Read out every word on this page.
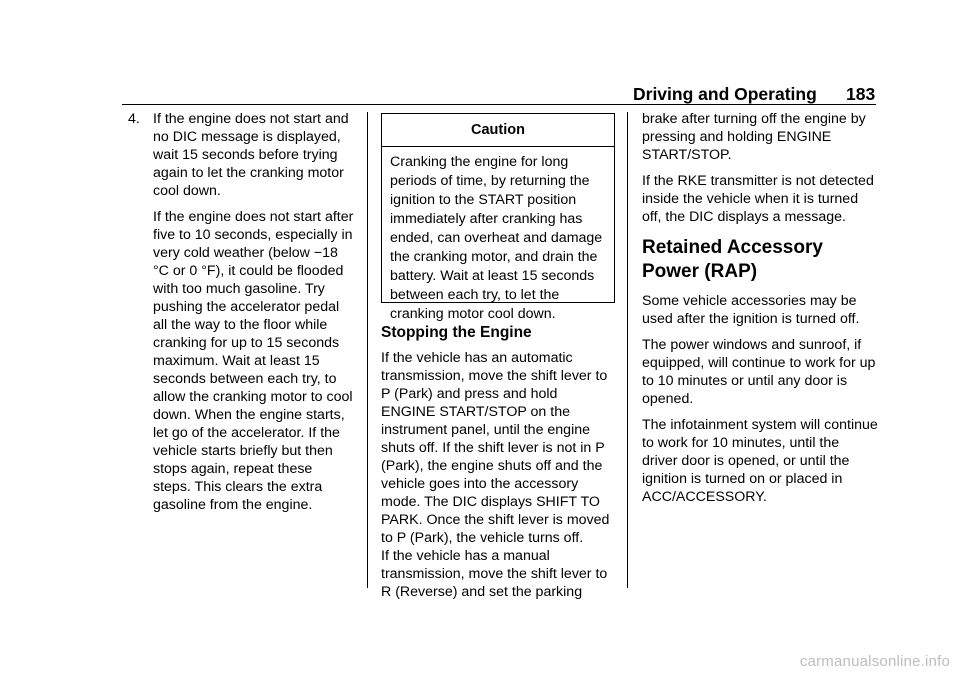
Driving and Operating 183
4. If the engine does not start and no DIC message is displayed, wait 15 seconds before trying again to let the cranking motor cool down.

If the engine does not start after five to 10 seconds, especially in very cold weather (below −18 °C or 0 °F), it could be flooded with too much gasoline. Try pushing the accelerator pedal all the way to the floor while cranking for up to 15 seconds maximum. Wait at least 15 seconds between each try, to allow the cranking motor to cool down. When the engine starts, let go of the accelerator. If the vehicle starts briefly but then stops again, repeat these steps. This clears the extra gasoline from the engine.

Caution
Cranking the engine for long periods of time, by returning the ignition to the START position immediately after cranking has ended, can overheat and damage the cranking motor, and drain the battery. Wait at least 15 seconds between each try, to let the cranking motor cool down.
Stopping the Engine

If the vehicle has an automatic transmission, move the shift lever to P (Park) and press and hold ENGINE START/STOP on the instrument panel, until the engine shuts off. If the shift lever is not in P (Park), the engine shuts off and the vehicle goes into the accessory mode. The DIC displays SHIFT TO PARK. Once the shift lever is moved to P (Park), the vehicle turns off.

If the vehicle has a manual transmission, move the shift lever to R (Reverse) and set the parking

brake after turning off the engine by pressing and holding ENGINE START/STOP.

If the RKE transmitter is not detected inside the vehicle when it is turned off, the DIC displays a message.

Retained Accessory
Power (RAP)

Some vehicle accessories may be used after the ignition is turned off.

The power windows and sunroof, if equipped, will continue to work for up to 10 minutes or until any door is opened.

The infotainment system will continue to work for 10 minutes, until the driver door is opened, or until the ignition is turned on or placed in ACC/ACCESSORY.

carmanualsonline.info
